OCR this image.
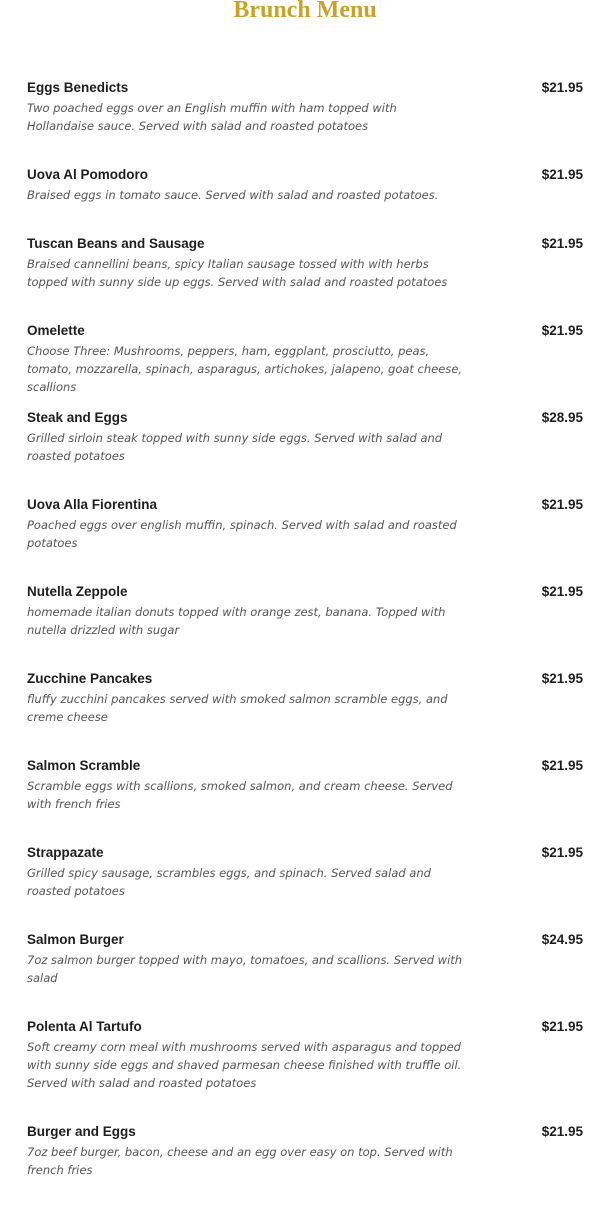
Brunch Menu
Eggs Benedicts	$21.95
Two poached eggs over an English muffin with ham topped with Hollandaise sauce. Served with salad and roasted potatoes
Uova Al Pomodoro	$21.95
Braised eggs in tomato sauce. Served with salad and roasted potatoes.
Tuscan Beans and Sausage	$21.95
Braised cannellini beans, spicy Italian sausage tossed with with herbs topped with sunny side up eggs. Served with salad and roasted potatoes
Omelette	$21.95
Choose Three: Mushrooms, peppers, ham, eggplant, prosciutto, peas, tomato, mozzarella, spinach, asparagus, artichokes, jalapeno, goat cheese, scallions
Steak and Eggs	$28.95
Grilled sirloin steak topped with sunny side eggs. Served with salad and roasted potatoes
Uova Alla Fiorentina	$21.95
Poached eggs over english muffin, spinach. Served with salad and roasted potatoes
Nutella Zeppole	$21.95
homemade italian donuts topped with orange zest, banana. Topped with nutella drizzled with sugar
Zucchine Pancakes	$21.95
fluffy zucchini pancakes served with smoked salmon scramble eggs, and creme cheese
Salmon Scramble	$21.95
Scramble eggs with scallions, smoked salmon, and cream cheese. Served with french fries
Strappazate	$21.95
Grilled spicy sausage, scrambles eggs, and spinach. Served salad and roasted potatoes
Salmon Burger	$24.95
7oz salmon burger topped with mayo, tomatoes, and scallions. Served with salad
Polenta Al Tartufo	$21.95
Soft creamy corn meal with mushrooms served with asparagus and topped with sunny side eggs and shaved parmesan cheese finished with truffle oil. Served with salad and roasted potatoes
Burger and Eggs	$21.95
7oz beef burger, bacon, cheese and an egg over easy on top. Served with french fries
